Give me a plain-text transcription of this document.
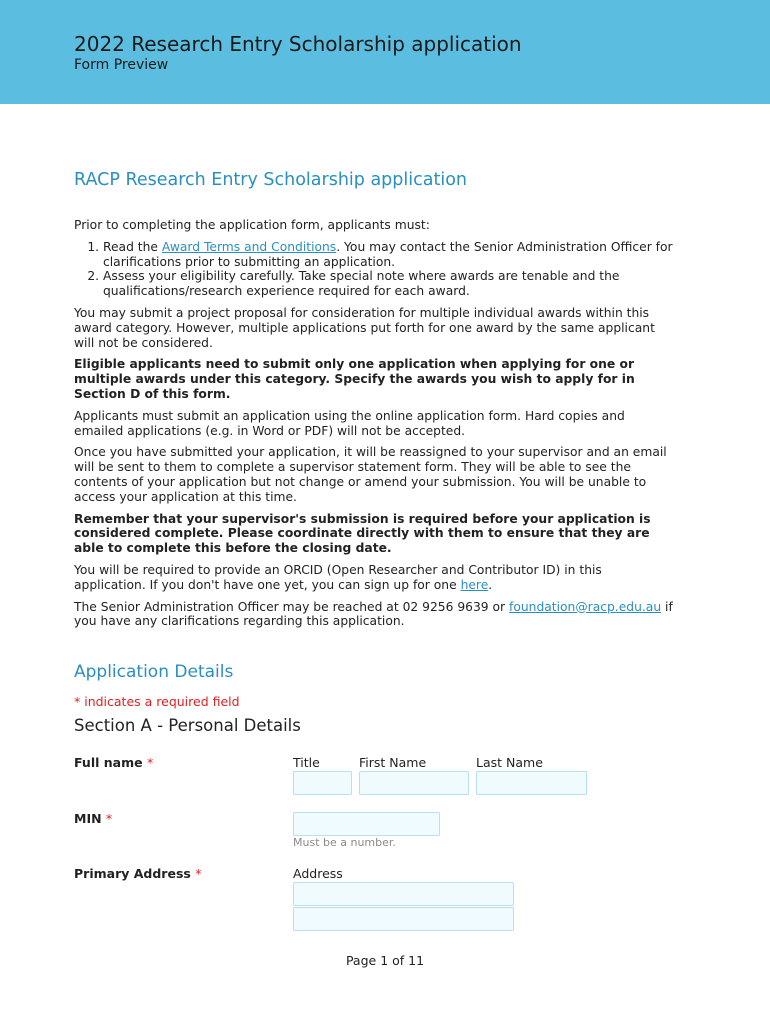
2022 Research Entry Scholarship application
Form Preview
RACP Research Entry Scholarship application

Prior to completing the application form, applicants must:

1. Read the Award Terms and Conditions. You may contact the Senior Administration Officer for clarifications prior to submitting an application.
2. Assess your eligibility carefully. Take special note where awards are tenable and the qualifications/research experience required for each award.

You may submit a project proposal for consideration for multiple individual awards within this award category. However, multiple applications put forth for one award by the same applicant will not be considered.

Eligible applicants need to submit only one application when applying for one or multiple awards under this category. Specify the awards you wish to apply for in Section D of this form.

Applicants must submit an application using the online application form. Hard copies and emailed applications (e.g. in Word or PDF) will not be accepted.

Once you have submitted your application, it will be reassigned to your supervisor and an email will be sent to them to complete a supervisor statement form. They will be able to see the contents of your application but not change or amend your submission. You will be unable to access your application at this time.

Remember that your supervisor's submission is required before your application is considered complete. Please coordinate directly with them to ensure that they are able to complete this before the closing date.

You will be required to provide an ORCID (Open Researcher and Contributor ID) in this application. If you don't have one yet, you can sign up for one here.

The Senior Administration Officer may be reached at 02 9256 9639 or foundation@racp.edu.au if you have any clarifications regarding this application.

Application Details
* indicates a required field
Section A - Personal Details
Full name *	Title	First Name	Last Name
MIN *
Must be a number.
Primary Address *	Address
Page 1 of 11
